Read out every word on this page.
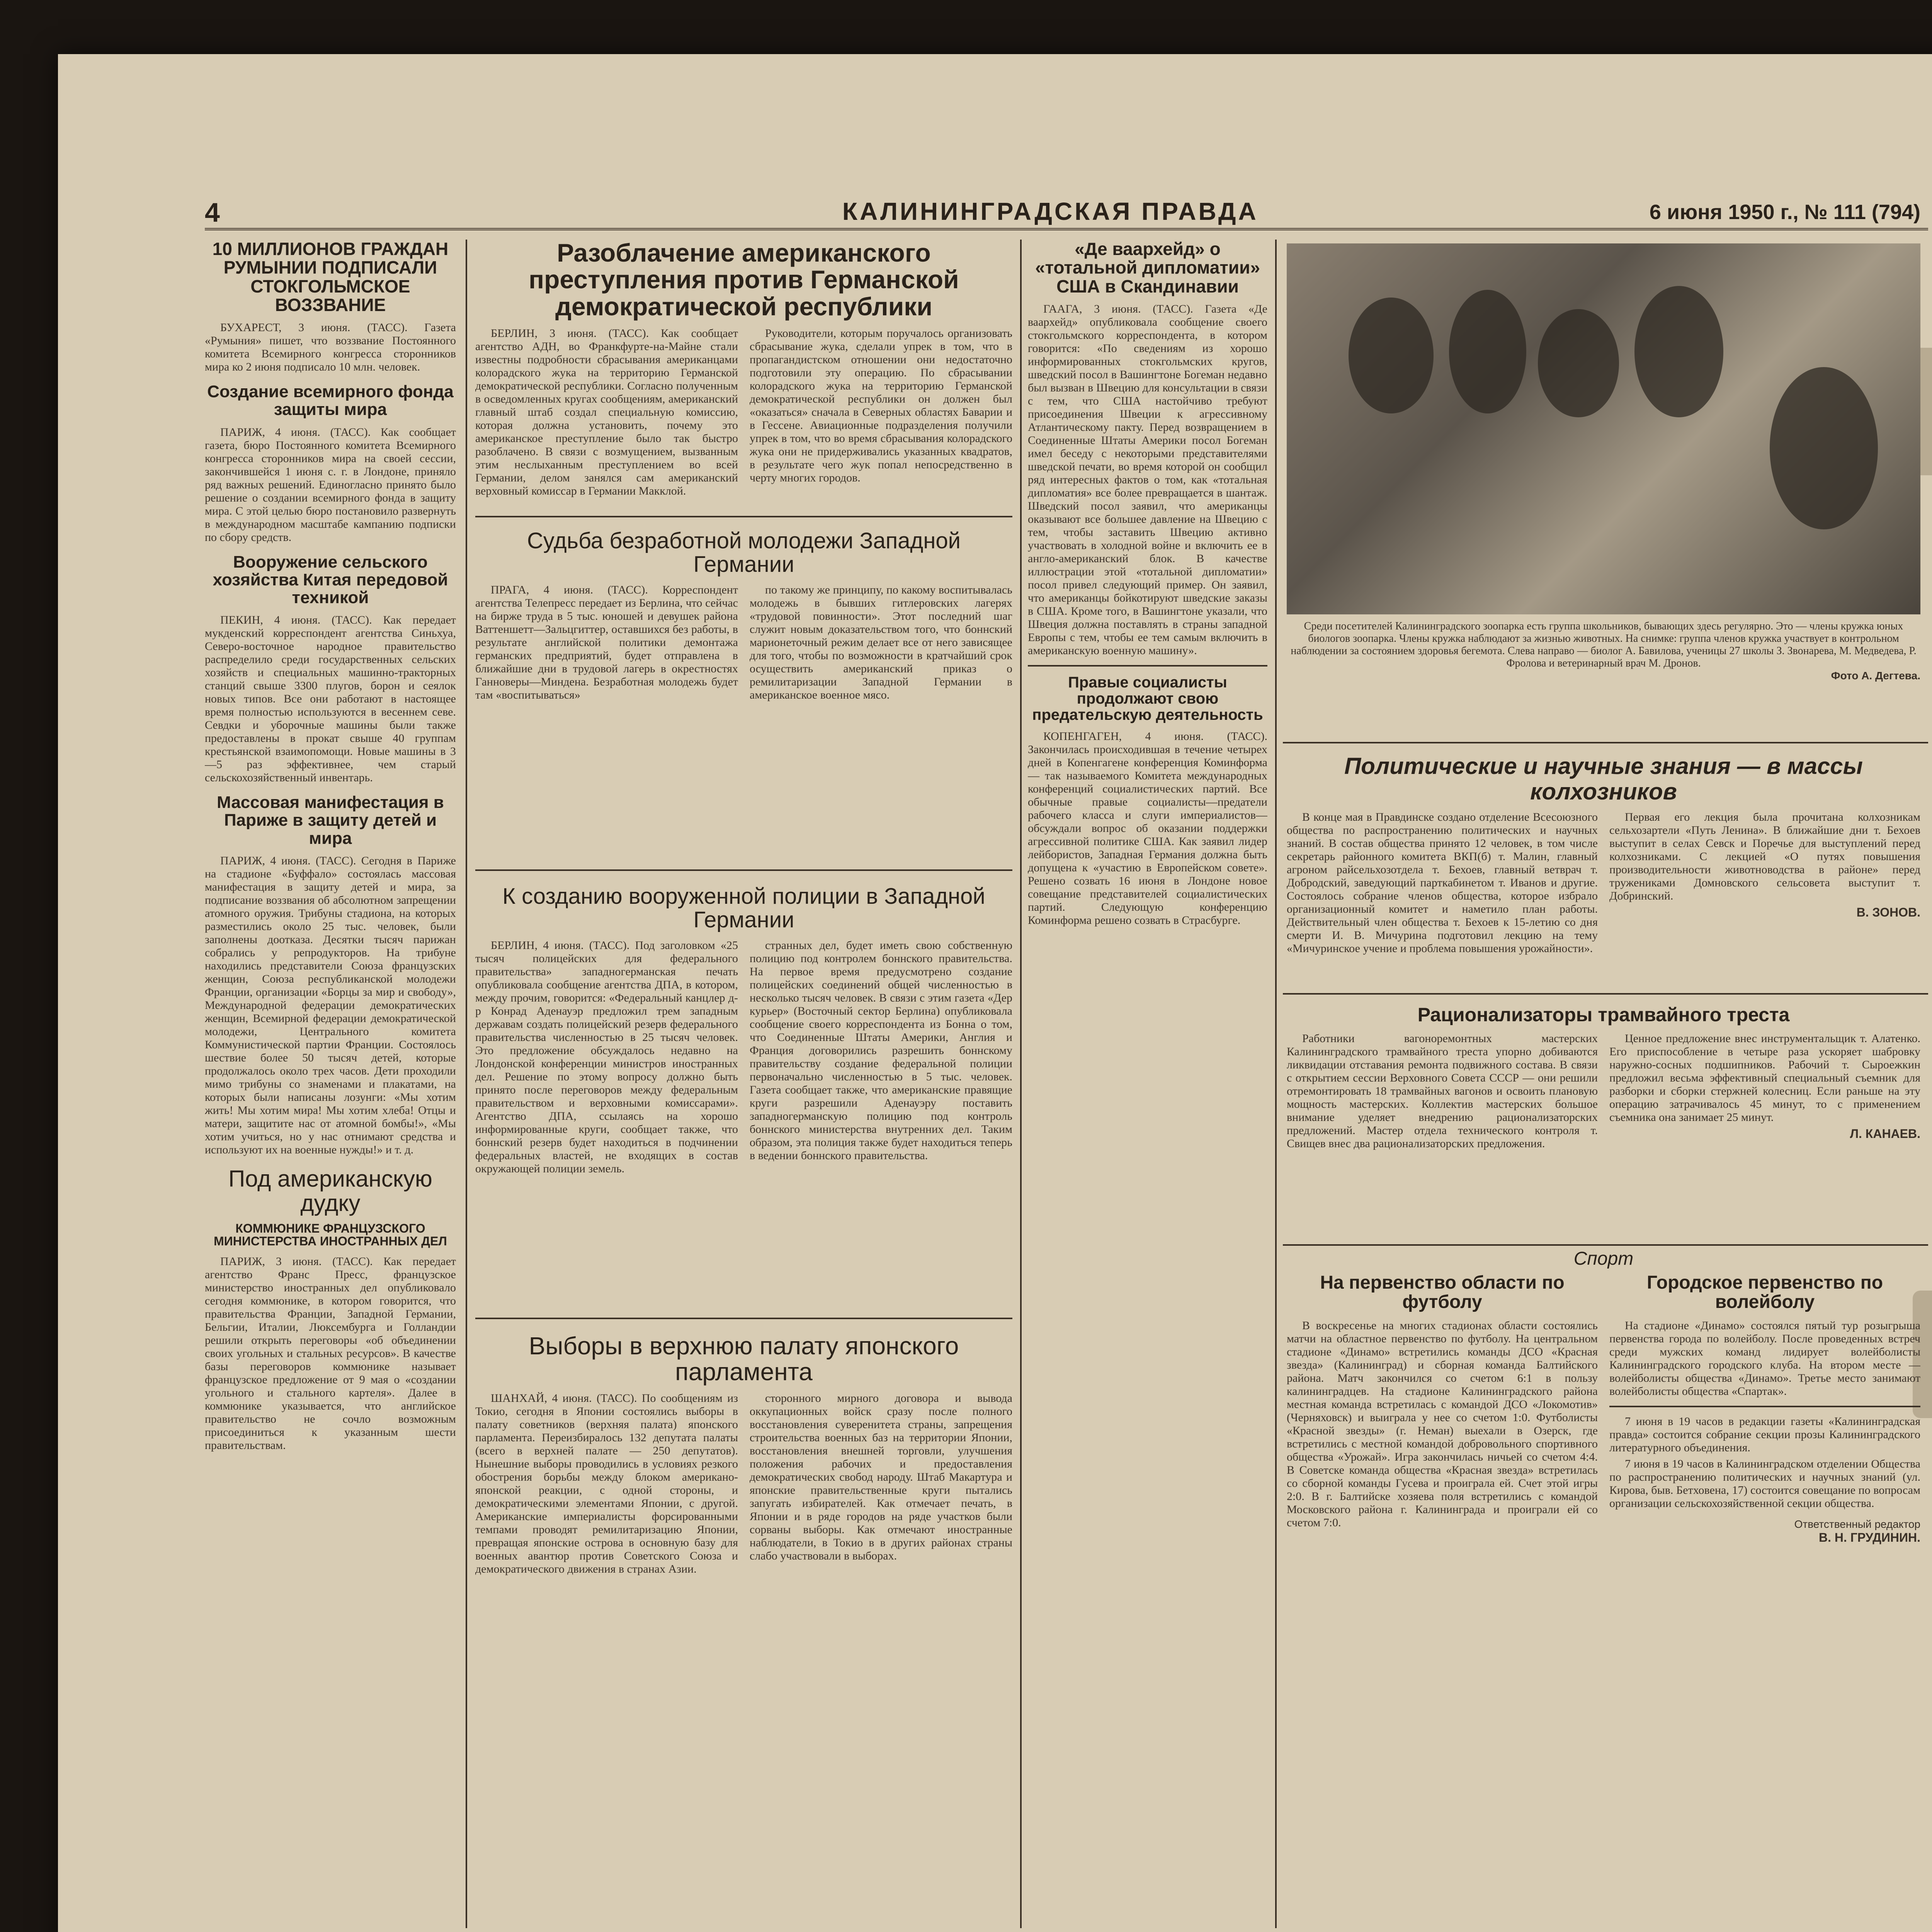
4	КАЛИНИНГРАДСКАЯ ПРАВДА	6 июня 1950 г., № 111 (794)
10 МИЛЛИОНОВ ГРАЖДАН РУМЫНИИ ПОДПИСАЛИ СТОКГОЛЬМСКОЕ ВОЗЗВАНИЕ

БУХАРЕСТ, 3 июня. (ТАСС). Газета «Румыния» пишет, что воззвание Постоянного комитета Всемирного конгресса сторонников мира ко 2 июня подписало 10 млн. человек.

Создание всемирного фонда защиты мира

ПАРИЖ, 4 июня. (ТАСС). Как сообщает газета, бюро Постоянного комитета Всемирного конгресса сторонников мира на своей сессии, закончившейся 1 июня с. г. в Лондоне, приняло ряд важных решений. Единогласно принято было решение о создании всемирного фонда в защиту мира. С этой целью бюро постановило развернуть в международном масштабе кампанию подписки по сбору средств.

Вооружение сельского хозяйства Китая передовой техникой

ПЕКИН, 4 июня. (ТАСС). Как передает мукденский корреспондент агентства Синьхуа, Северо-восточное народное правительство распределило среди государственных сельских хозяйств и специальных машинно-тракторных станций свыше 3300 плугов, борон и сеялок новых типов. Все они работают в настоящее время полностью используются в весеннем севе. Севдки и уборочные машины были также предоставлены в прокат свыше 40 группам крестьянской взаимопомощи. Новые машины в 3—5 раз эффективнее, чем старый сельскохозяйственный инвентарь.

Массовая манифестация в Париже в защиту детей и мира

ПАРИЖ, 4 июня. (ТАСС). Сегодня в Париже на стадионе «Буффало» состоялась массовая манифестация в защиту детей и мира, за подписание воззвания об абсолютном запрещении атомного оружия. Трибуны стадиона, на которых разместились около 25 тыс. человек, были заполнены доотказа. Десятки тысяч парижан собрались у репродукторов. На трибуне находились представители Союза французских женщин, Союза республиканской молодежи Франции, организации «Борцы за мир и свободу», Международной федерации демократических женщин, Всемирной федерации демократической молодежи, Центрального комитета Коммунистической партии Франции. Состоялось шествие более 50 тысяч детей, которые продолжалось около трех часов. Дети проходили мимо трибуны со знаменами и плакатами, на которых были написаны лозунги: «Мы хотим жить! Мы хотим мира! Мы хотим хлеба! Отцы и матери, защитите нас от атомной бомбы!», «Мы хотим учиться, но у нас отнимают средства и используют их на военные нужды!» и т. д.

Под американскую дудку
КОММЮНИКЕ ФРАНЦУЗСКОГО МИНИСТЕРСТВА ИНОСТРАННЫХ ДЕЛ

ПАРИЖ, 3 июня. (ТАСС). Как передает агентство Франс Пресс, французское министерство иностранных дел опубликовало сегодня коммюнике, в котором говорится, что правительства Франции, Западной Германии, Бельгии, Италии, Люксембурга и Голландии решили открыть переговоры «об объединении своих угольных и стальных ресурсов». В качестве базы переговоров коммюнике называет французское предложение от 9 мая о «создании угольного и стального картеля». Далее в коммюнике указывается, что английское правительство не сочло возможным присоединиться к указанным шести правительствам.

Разоблачение американского преступления против Германской демократической республики

БЕРЛИН, 3 июня. (ТАСС). Как сообщает агентство АДН, во Франкфурте-на-Майне стали известны подробности сбрасывания американцами колорадского жука на территорию Германской демократической республики. Согласно полученным в осведомленных кругах сообщениям, американский главный штаб создал специальную комиссию, которая должна установить, почему это американское преступление было так быстро разоблачено. В связи с возмущением, вызванным этим неслыханным преступлением во всей Германии, делом занялся сам американский верховный комиссар в Германии Макклой.

Руководители, которым поручалось организовать сбрасывание жука, сделали упрек в том, что в пропагандистском отношении они недостаточно подготовили эту операцию. По сбрасывании колорадского жука на территорию Германской демократической республики он должен был «оказаться» сначала в Северных областях Баварии и в Гессене. Авиационные подразделения получили упрек в том, что во время сбрасывания колорадского жука они не придерживались указанных квадратов, в результате чего жук попал непосредственно в черту многих городов.

Судьба безработной молодежи Западной Германии

ПРАГА, 4 июня. (ТАСС). Корреспондент агентства Телепресс передает из Берлина, что сейчас на бирже труда в 5 тыс. юношей и девушек района Ваттеншетт—Зальцгиттер, оставшихся без работы, в результате английской политики демонтажа германских предприятий, будет отправлена в ближайшие дни в трудовой лагерь в окрестностях Ганноверы—Миндена. Безработная молодежь будет там «воспитываться»

по такому же принципу, по какому воспитывалась молодежь в бывших гитлеровских лагерях «трудовой повинности». Этот последний шаг служит новым доказательством того, что боннский марионеточный режим делает все от него зависящее для того, чтобы по возможности в кратчайший срок осуществить американский приказ о ремилитаризации Западной Германии в американское военное мясо.

К созданию вооруженной полиции в Западной Германии

БЕРЛИН, 4 июня. (ТАСС). Под заголовком «25 тысяч полицейских для федерального правительства» западногерманская печать опубликовала сообщение агентства ДПА, в котором, между прочим, говорится: «Федеральный канцлер д-р Конрад Аденауэр предложил трем западным державам создать полицейский резерв федерального правительства численностью в 25 тысяч человек. Это предложение обсуждалось недавно на Лондонской конференции министров иностранных дел. Решение по этому вопросу должно быть принято после переговоров между федеральным правительством и верховными комиссарами». Агентство ДПА, ссылаясь на хорошо информированные круги, сообщает также, что боннский резерв будет находиться в подчинении федеральных властей, не входящих в состав окружающей полиции земель.

странных дел, будет иметь свою собственную полицию под контролем боннского правительства. На первое время предусмотрено создание полицейских соединений общей численностью в несколько тысяч человек. В связи с этим газета «Дер курьер» (Восточный сектор Берлина) опубликовала сообщение своего корреспондента из Бонна о том, что Соединенные Штаты Америки, Англия и Франция договорились разрешить боннскому правительству создание федеральной полиции первоначально численностью в 5 тыс. человек. Газета сообщает также, что американские правящие круги разрешили Аденауэру поставить западногерманскую полицию под контроль боннского министерства внутренних дел. Таким образом, эта полиция также будет находиться теперь в ведении боннского правительства.

Выборы в верхнюю палату японского парламента

ШАНХАЙ, 4 июня. (ТАСС). По сообщениям из Токио, сегодня в Японии состоялись выборы в палату советников (верхняя палата) японского парламента. Переизбиралось 132 депутата палаты (всего в верхней палате — 250 депутатов). Нынешние выборы проводились в условиях резкого обострения борьбы между блоком американо-японской реакции, с одной стороны, и демократическими элементами Японии, с другой. Американские империалисты форсированными темпами проводят ремилитаризацию Японии, превращая японские острова в основную базу для военных авантюр против Советского Союза и демократического движения в странах Азии.

сторонного мирного договора и вывода оккупационных войск сразу после полного восстановления суверенитета страны, запрещения строительства военных баз на территории Японии, восстановления внешней торговли, улучшения положения рабочих и предоставления демократических свобод народу. Штаб Макартура и японские правительственные круги пытались запугать избирателей. Как отмечает печать, в Японии и в ряде городов на ряде участков были сорваны выборы. Как отмечают иностранные наблюдатели, в Токио в в других районах страны слабо участвовали в выборах.

«Де ваархейд» о «тотальной дипломатии» США в Скандинавии

ГААГА, 3 июня. (ТАСС). Газета «Де ваархейд» опубликовала сообщение своего стокгольмского корреспондента, в котором говорится: «По сведениям из хорошо информированных стокгольмских кругов, шведский посол в Вашингтоне Богеман недавно был вызван в Швецию для консультации в связи с тем, что США настойчиво требуют присоединения Швеции к агрессивному Атлантическому пакту. Перед возвращением в Соединенные Штаты Америки посол Богеман имел беседу с некоторыми представителями шведской печати, во время которой он сообщил ряд интересных фактов о том, как «тотальная дипломатия» все более превращается в шантаж. Шведский посол заявил, что американцы оказывают все большее давление на Швецию с тем, чтобы заставить Швецию активно участвовать в холодной войне и включить ее в англо-американский блок. В качестве иллюстрации этой «тотальной дипломатии» посол привел следующий пример. Он заявил, что американцы бойкотируют шведские заказы в США. Кроме того, в Вашингтоне указали, что Швеция должна поставлять в страны западной Европы с тем, чтобы ее тем самым включить в американскую военную машину».

Правые социалисты продолжают свою предательскую деятельность

КОПЕНГАГЕН, 4 июня. (ТАСС). Закончилась происходившая в течение четырех дней в Копенгагене конференция Коминформа — так называемого Комитета международных конференций социалистических партий. Все обычные правые социалисты—предатели рабочего класса и слуги империалистов—обсуждали вопрос об оказании поддержки агрессивной политике США. Как заявил лидер лейбористов, Западная Германия должна быть допущена к «участию в Европейском совете». Решено созвать 16 июня в Лондоне новое совещание представителей социалистических партий. Следующую конференцию Коминформа решено созвать в Страсбурге.

Среди посетителей Калининградского зоопарка есть группа школьников, бывающих здесь регулярно. Это — члены кружка юных биологов зоопарка. Члены кружка наблюдают за жизнью животных. На снимке: группа членов кружка участвует в контрольном наблюдении за состоянием здоровья бегемота. Слева направо — биолог А. Бавилова, ученицы 27 школы З. Звонарева, М. Медведева, Р. Фролова и ветеринарный врач М. Дронов.
Фото А. Дегтева.
Политические и научные знания — в массы колхозников

В конце мая в Правдинске создано отделение Всесоюзного общества по распространению политических и научных знаний. В состав общества принято 12 человек, в том числе секретарь районного комитета ВКП(б) т. Малин, главный агроном райсельхозотдела т. Бехоев, главный ветврач т. Добродский, заведующий парткабинетом т. Иванов и другие. Состоялось собрание членов общества, которое избрало организационный комитет и наметило план работы. Действительный член общества т. Бехоев к 15-летию со дня смерти И. В. Мичурина подготовил лекцию на тему «Мичуринское учение и проблема повышения урожайности».

Первая его лекция была прочитана колхозникам сельхозартели «Путь Ленина». В ближайшие дни т. Бехоев выступит в селах Севск и Поречье для выступлений перед колхозниками. С лекцией «О путях повышения производительности животноводства в районе» перед тружениками Домновского сельсовета выступит т. Добринский.

В. ЗОНОВ.
Рационализаторы трамвайного треста

Работники вагоноремонтных мастерских Калининградского трамвайного треста упорно добиваются ликвидации отставания ремонта подвижного состава. В связи с открытием сессии Верховного Совета СССР — они решили отремонтировать 18 трамвайных вагонов и освоить плановую мощность мастерских. Коллектив мастерских большое внимание уделяет внедрению рационализаторских предложений. Мастер отдела технического контроля т. Свищев внес два рационализаторских предложения.

Ценное предложение внес инструментальщик т. Алатенко. Его приспособление в четыре раза ускоряет шабровку наружно-сосных подшипников. Рабочий т. Сыроежкин предложил весьма эффективный специальный съемник для разборки и сборки стержней колесниц. Если раньше на эту операцию затрачивалось 45 минут, то с применением съемника она занимает 25 минут.

Л. КАНАЕВ.
Спорт
На первенство области по футболу

В воскресенье на многих стадионах области состоялись матчи на областное первенство по футболу. На центральном стадионе «Динамо» встретились команды ДСО «Красная звезда» (Калининград) и сборная команда Балтийского района. Матч закончился со счетом 6:1 в пользу калининградцев. На стадионе Калининградского района местная команда встретилась с командой ДСО «Локомотив» (Черняховск) и выиграла у нее со счетом 1:0. Футболисты «Красной звезды» (г. Неман) выехали в Озерск, где встретились с местной командой добровольного спортивного общества «Урожай». Игра закончилась ничьей со счетом 4:4. В Советске команда общества «Красная звезда» встретилась со сборной команды Гусева и проиграла ей. Счет этой игры 2:0. В г. Балтийске хозяева поля встретились с командой Московского района г. Калининграда и проиграли ей со счетом 7:0.

Городское первенство по волейболу

На стадионе «Динамо» состоялся пятый тур розыгрыша первенства города по волейболу. После проведенных встреч среди мужских команд лидирует волейболисты Калининградского городского клуба. На втором месте — волейболисты общества «Динамо». Третье место занимают волейболисты общества «Спартак».

7 июня в 19 часов в редакции газеты «Калининградская правда» состоится собрание секции прозы Калининградского литературного объединения.

7 июня в 19 часов в Калининградском отделении Общества по распространению политических и научных знаний (ул. Кирова, быв. Бетховена, 17) состоится совещание по вопросам организации сельскохозяйственной секции общества.

Ответственный редактор
В. Н. ГРУДИНИН.
